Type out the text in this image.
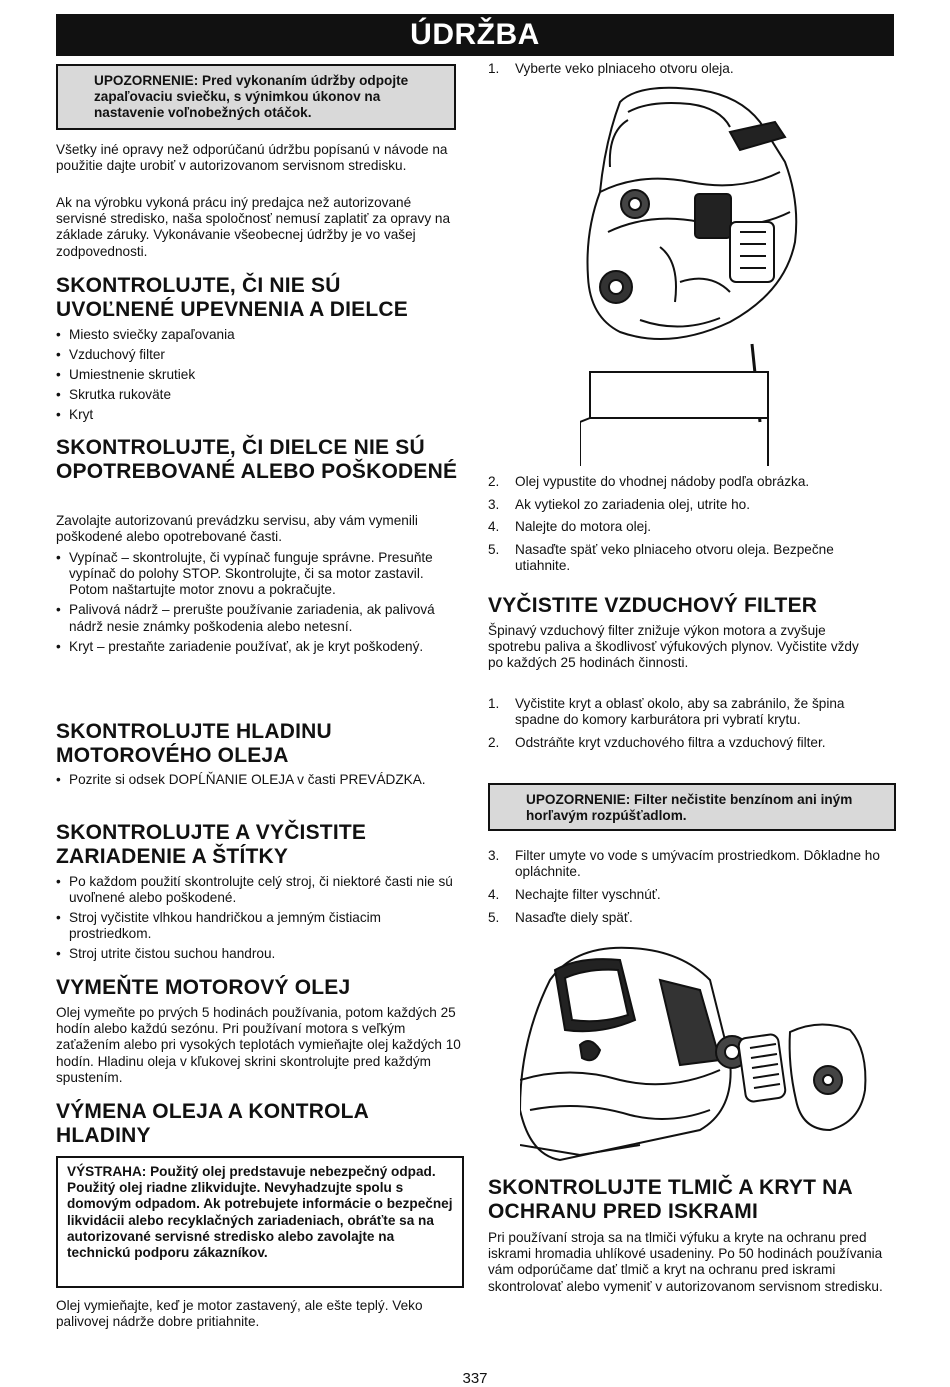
ÚDRŽBA
UPOZORNENIE: Pred vykonaním údržby odpojte zapaľovaciu sviečku, s výnimkou úkonov na nastavenie voľnobežných otáčok.

Všetky iné opravy než odporúčanú údržbu popísanú v návode na použitie dajte urobiť v autorizovanom servisnom stredisku.

Ak na výrobku vykoná prácu iný predajca než autorizované servisné stredisko, naša spoločnosť nemusí zaplatiť za opravy na základe záruky. Vykonávanie všeobecnej údržby je vo vašej zodpovednosti.

SKONTROLUJTE, ČI NIE SÚ UVOĽNENÉ UPEVNENIA A DIELCE
• Miesto sviečky zapaľovania
• Vzduchový filter
• Umiestnenie skrutiek
• Skrutka rukoväte
• Kryt
SKONTROLUJTE, ČI DIELCE NIE SÚ OPOTREBOVANÉ ALEBO POŠKODENÉ

Zavolajte autorizovanú prevádzku servisu, aby vám vymenili poškodené alebo opotrebované časti.

• Vypínač – skontrolujte, či vypínač funguje správne. Presuňte vypínač do polohy STOP. Skontrolujte, či sa motor zastavil. Potom naštartujte motor znovu a pokračujte.
• Palivová nádrž – prerušte používanie zariadenia, ak palivová nádrž nesie známky poškodenia alebo netesní.
• Kryt – prestaňte zariadenie používať, ak je kryt poškodený.
SKONTROLUJTE HLADINU MOTOROVÉHO OLEJA
• Pozrite si odsek DOPĹŇANIE OLEJA v časti PREVÁDZKA.
SKONTROLUJTE A VYČISTITE ZARIADENIE A ŠTÍTKY
• Po každom použití skontrolujte celý stroj, či niektoré časti nie sú uvoľnené alebo poškodené.
• Stroj vyčistite vlhkou handričkou a jemným čistiacim prostriedkom.
• Stroj utrite čistou suchou handrou.
VYMEŇTE MOTOROVÝ OLEJ

Olej vymeňte po prvých 5 hodinách používania, potom každých 25 hodín alebo každú sezónu. Pri používaní motora s veľkým zaťažením alebo pri vysokých teplotách vymieňajte olej každých 10 hodín. Hladinu oleja v kľukovej skrini skontrolujte pred každým spustením.

VÝMENA OLEJA A KONTROLA HLADINY
VÝSTRAHA: Použitý olej predstavuje nebezpečný odpad. Použitý olej riadne zlikvidujte. Nevyhadzujte spolu s domovým odpadom. Ak potrebujete informácie o bezpečnej likvidácii alebo recyklačných zariadeniach, obráťte sa na autorizované servisné stredisko alebo zavolajte na technickú podporu zákazníkov.

Olej vymieňajte, keď je motor zastavený, ale ešte teplý. Veko palivovej nádrže dobre pritiahnite.

1. Vyberte veko plniaceho otvoru oleja.
2. Olej vypustite do vhodnej nádoby podľa obrázka.
3. Ak vytiekol zo zariadenia olej, utrite ho.
4. Nalejte do motora olej.
5. Nasaďte späť veko plniaceho otvoru oleja. Bezpečne utiahnite.
VYČISTITE VZDUCHOVÝ FILTER

Špinavý vzduchový filter znižuje výkon motora a zvyšuje spotrebu paliva a škodlivosť výfukových plynov. Vyčistite vždy po každých 25 hodinách činnosti.

1. Vyčistite kryt a oblasť okolo, aby sa zabránilo, že špina spadne do komory karburátora pri vybratí krytu.
2. Odstráňte kryt vzduchového filtra a vzduchový filter.
UPOZORNENIE: Filter nečistite benzínom ani iným horľavým rozpúšťadlom.
3. Filter umyte vo vode s umývacím prostriedkom. Dôkladne ho opláchnite.
4. Nechajte filter vyschnúť.
5. Nasaďte diely späť.
SKONTROLUJTE TLMIČ A KRYT NA OCHRANU PRED ISKRAMI

Pri používaní stroja sa na tlmiči výfuku a kryte na ochranu pred iskrami hromadia uhlíkové usadeniny. Po 50 hodinách používania vám odporúčame dať tlmič a kryt na ochranu pred iskrami skontrolovať alebo vymeniť v autorizovanom servisnom stredisku.

337
